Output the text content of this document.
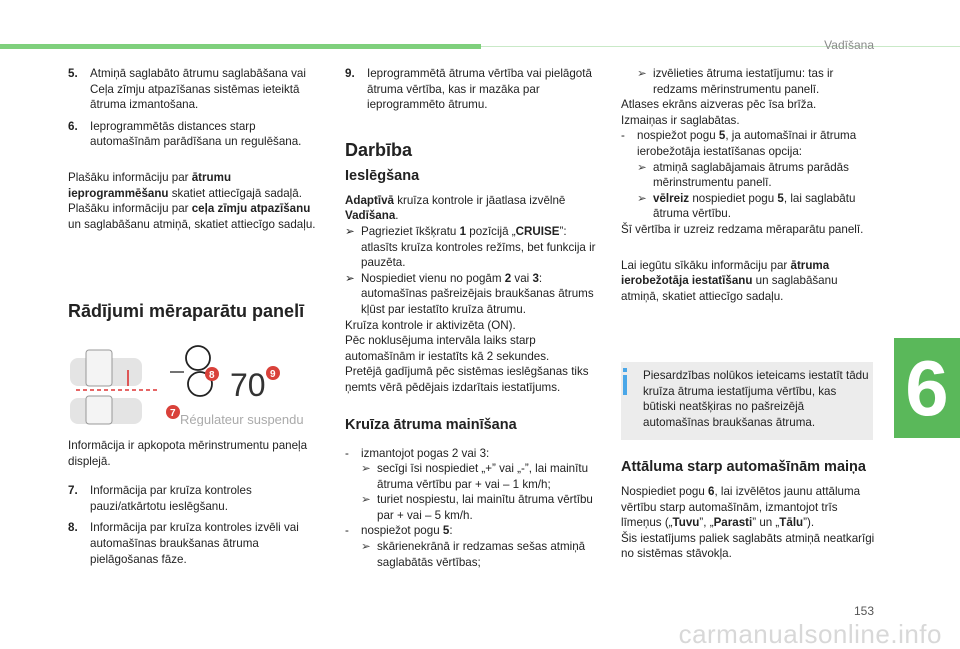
Vadīšana
6
5.	Atmiņā saglabāto ātrumu saglabāšana vai Ceļa zīmju atpazīšanas sistēmas ieteiktā ātruma izmantošana.
6.	Ieprogrammētās distances starp automašīnām parādīšana un regulēšana.

Plašāku informāciju par ātrumu ieprogrammēšanu skatiet attiecīgajā sadaļā.

Plašāku informāciju par ceļa zīmju atpazīšanu un saglabāšanu atmiņā, skatiet attiecīgo sadaļu.

Rādījumi mēraparātu panelī
70
Régulateur suspendu
8	9
7

Informācija ir apkopota mērinstrumentu paneļa displejā.

7.	Informācija par kruīza kontroles pauzi/atkārtotu ieslēgšanu.
8.	Informācija par kruīza kontroles izvēli vai automašīnas braukšanas ātruma pielāgošanas fāze.
9.	Ieprogrammētā ātruma vērtība vai pielāgotā ātruma vērtība, kas ir mazāka par ieprogrammēto ātrumu.
Darbība
Ieslēgšana

Adaptīvā kruīza kontrole ir jāatlasa izvēlnē Vadīšana.

➢ Pagrieziet īkšķratu 1 pozīcijā „CRUISE”: atlasīts kruīza kontroles režīms, bet funkcija ir pauzēta.
➢ Nospiediet vienu no pogām 2 vai 3: automašīnas pašreizējais braukšanas ātrums kļūst par iestatīto kruīza ātrumu.
Kruīza kontrole ir aktivizēta (ON).
Pēc noklusējuma intervāla laiks starp automašīnām ir iestatīts kā 2 sekundes.
Pretējā gadījumā pēc sistēmas ieslēgšanas tiks ņemts vērā pēdējais izdarītais iestatījums.
Kruīza ātruma mainīšana
-	izmantojot pogas 2 vai 3:
➢ secīgi īsi nospiediet „+” vai „-”, lai mainītu ātruma vērtību par + vai – 1 km/h;
➢ turiet nospiestu, lai mainītu ātruma vērtību par + vai – 5 km/h.
-	nospiežot pogu 5:
➢ skārienekrānā ir redzamas sešas atmiņā saglabātās vērtības;
➢ izvēlieties ātruma iestatījumu: tas ir redzams mērinstrumentu panelī.
Atlases ekrāns aizveras pēc īsa brīža.
Izmaiņas ir saglabātas.
-	nospiežot pogu 5, ja automašīnai ir ātruma ierobežotāja iestatīšanas opcija:
➢ atmiņā saglabājamais ātrums parādās mērinstrumentu panelī.
➢ vēlreiz nospiediet pogu 5, lai saglabātu ātruma vērtību.
Šī vērtība ir uzreiz redzama mēraparātu panelī.

Lai iegūtu sīkāku informāciju par ātruma ierobežotāja iestatīšanu un saglabāšanu atmiņā, skatiet attiecīgo sadaļu.

Piesardzības nolūkos ieteicams iestatīt tādu kruīza ātruma iestatījuma vērtību, kas būtiski neatšķiras no pašreizējā automašīnas braukšanas ātruma.
Attāluma starp automašīnām maiņa

Nospiediet pogu 6, lai izvēlētos jaunu attāluma vērtību starp automašīnām, izmantojot trīs līmeņus („Tuvu”, „Parasti” un „Tālu”).

Šis iestatījums paliek saglabāts atmiņā neatkarīgi no sistēmas stāvokļa.
153
carmanualsonline.info
